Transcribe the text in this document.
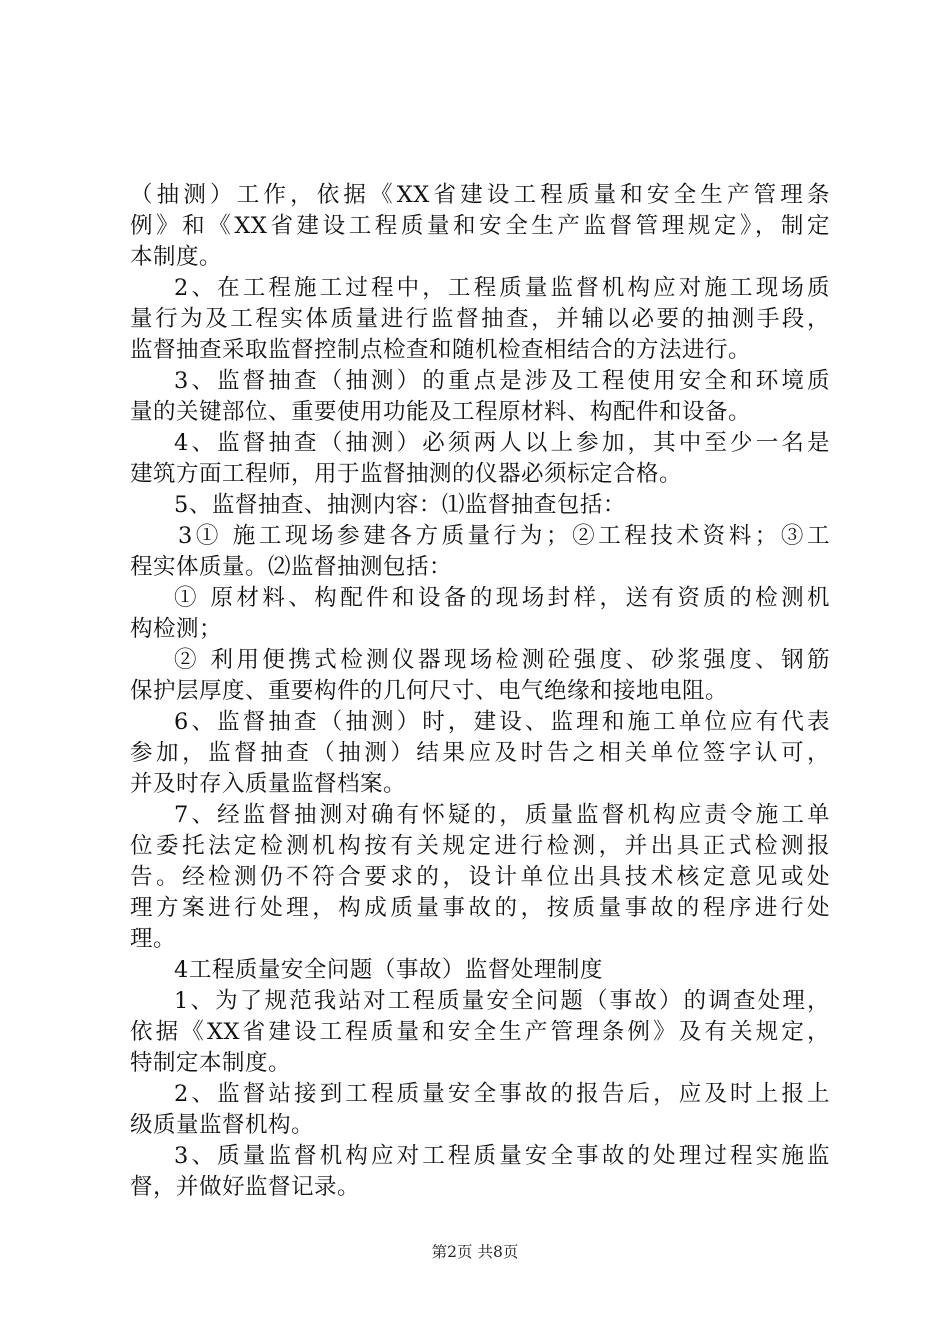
（抽测）工作，依据《XX省建设工程质量和安全生产管理条
例》和《XX省建设工程质量和安全生产监督管理规定》，制定
本制度。
2、在工程施工过程中，工程质量监督机构应对施工现场质
量行为及工程实体质量进行监督抽查，并辅以必要的抽测手段，
监督抽查采取监督控制点检查和随机检查相结合的方法进行。
3、监督抽查（抽测）的重点是涉及工程使用安全和环境质
量的关键部位、重要使用功能及工程原材料、构配件和设备。
4、监督抽查（抽测）必须两人以上参加，其中至少一名是
建筑方面工程师，用于监督抽测的仪器必须标定合格。
5、监督抽查、抽测内容：⑴监督抽查包括：
3① 施工现场参建各方质量行为；②工程技术资料；③工
程实体质量。⑵监督抽测包括：
① 原材料、构配件和设备的现场封样，送有资质的检测机
构检测；
② 利用便携式检测仪器现场检测砼强度、砂浆强度、钢筋
保护层厚度、重要构件的几何尺寸、电气绝缘和接地电阻。
6、监督抽查（抽测）时，建设、监理和施工单位应有代表
参加，监督抽查（抽测）结果应及时告之相关单位签字认可，
并及时存入质量监督档案。
7、经监督抽测对确有怀疑的，质量监督机构应责令施工单
位委托法定检测机构按有关规定进行检测，并出具正式检测报
告。经检测仍不符合要求的，设计单位出具技术核定意见或处
理方案进行处理，构成质量事故的，按质量事故的程序进行处
理。
4工程质量安全问题（事故）监督处理制度
1、为了规范我站对工程质量安全问题（事故）的调查处理，
依据《XX省建设工程质量和安全生产管理条例》及有关规定，
特制定本制度。
2、监督站接到工程质量安全事故的报告后，应及时上报上
级质量监督机构。
3、质量监督机构应对工程质量安全事故的处理过程实施监
督，并做好监督记录。
第2页 共8页
